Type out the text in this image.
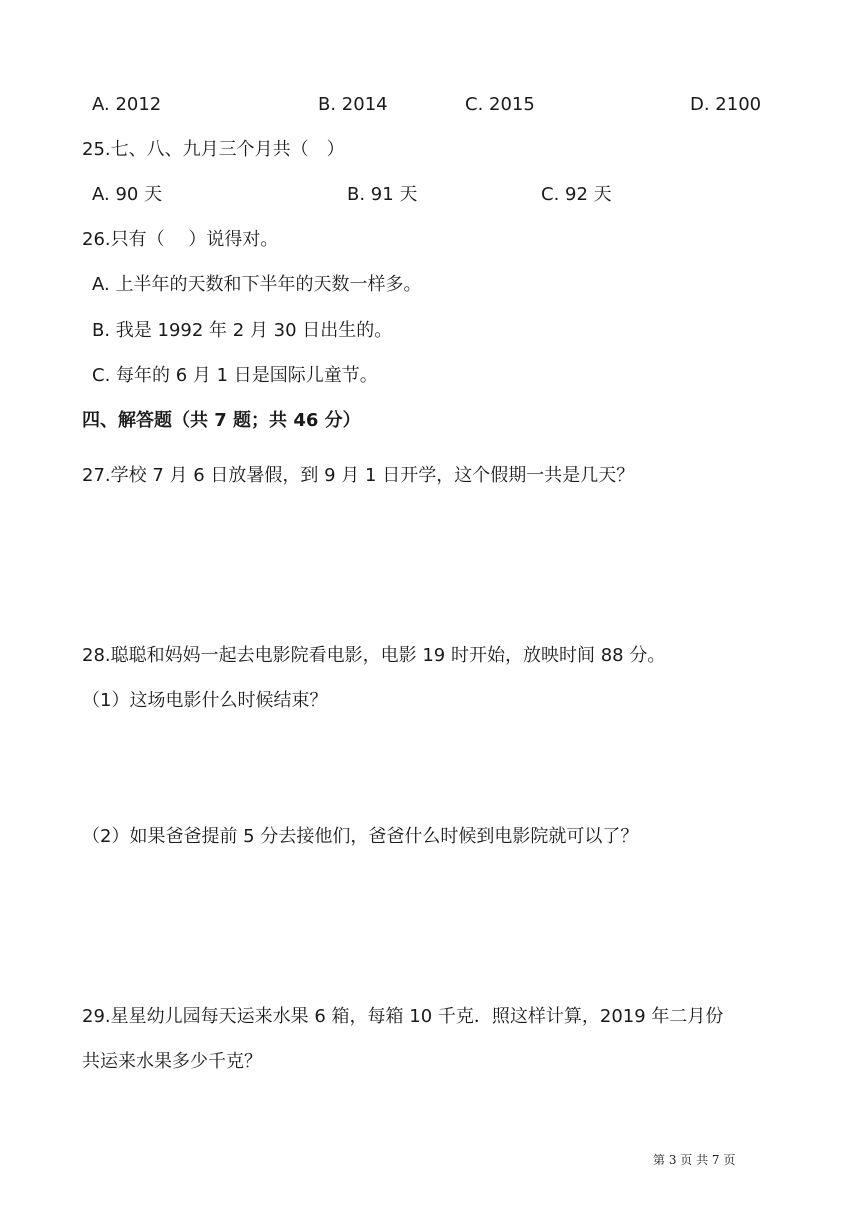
A. 2012	B. 2014	C. 2015	D. 2100
25.七、八、九月三个月共（　）
A. 90 天	B. 91 天	C. 92 天
26.只有（　 ）说得对。
A. 上半年的天数和下半年的天数一样多。
B. 我是 1992 年 2 月 30 日出生的。
C. 每年的 6 月 1 日是国际儿童节。
四、解答题（共 7 题；共 46 分）
27.学校 7 月 6 日放暑假，到 9 月 1 日开学，这个假期一共是几天？
28.聪聪和妈妈一起去电影院看电影，电影 19 时开始，放映时间 88 分。
（1）这场电影什么时候结束？
（2）如果爸爸提前 5 分去接他们，爸爸什么时候到电影院就可以了？
29.星星幼儿园每天运来水果 6 箱，每箱 10 千克．照这样计算，2019 年二月份
共运来水果多少千克？
第 3 页 共 7 页
